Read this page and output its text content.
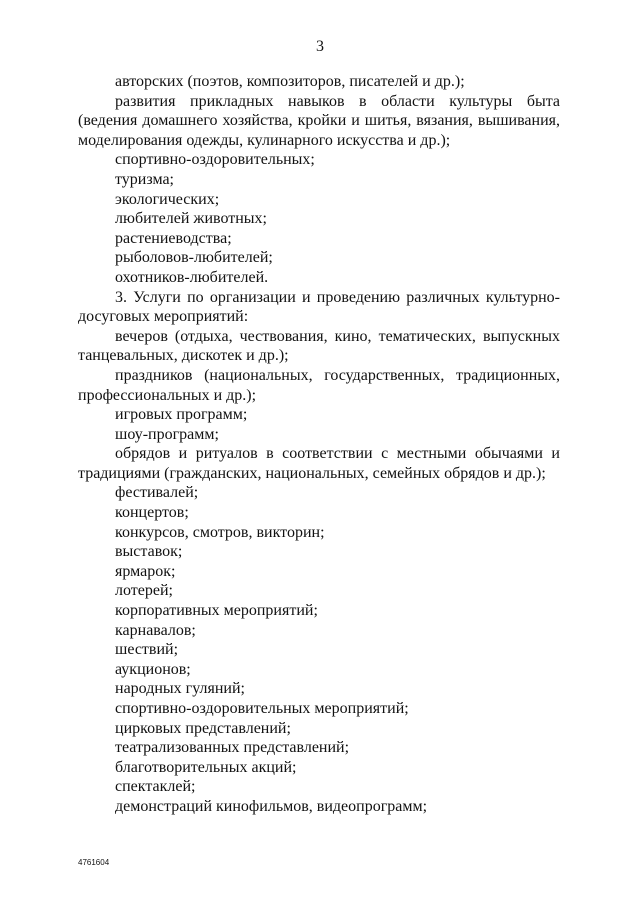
3

авторских (поэтов, композиторов, писателей и др.);

развития прикладных навыков в области культуры быта (ведения домашнего хозяйства, кройки и шитья, вязания, вышивания, моделирования одежды, кулинарного искусства и др.);

спортивно-оздоровительных;

туризма;

экологических;

любителей животных;

растениеводства;

рыболовов-любителей;

охотников-любителей.

3. Услуги по организации и проведению различных культурно-досуговых мероприятий:

вечеров (отдыха, чествования, кино, тематических, выпускных танцевальных, дискотек и др.);

праздников (национальных, государственных, традиционных, профессиональных и др.);

игровых программ;

шоу-программ;

обрядов и ритуалов в соответствии с местными обычаями и традициями (гражданских, национальных, семейных обрядов и др.);

фестивалей;

концертов;

конкурсов, смотров, викторин;

выставок;

ярмарок;

лотерей;

корпоративных мероприятий;

карнавалов;

шествий;

аукционов;

народных гуляний;

спортивно-оздоровительных мероприятий;

цирковых представлений;

театрализованных представлений;

благотворительных акций;

спектаклей;

демонстраций кинофильмов, видеопрограмм;

4761604
